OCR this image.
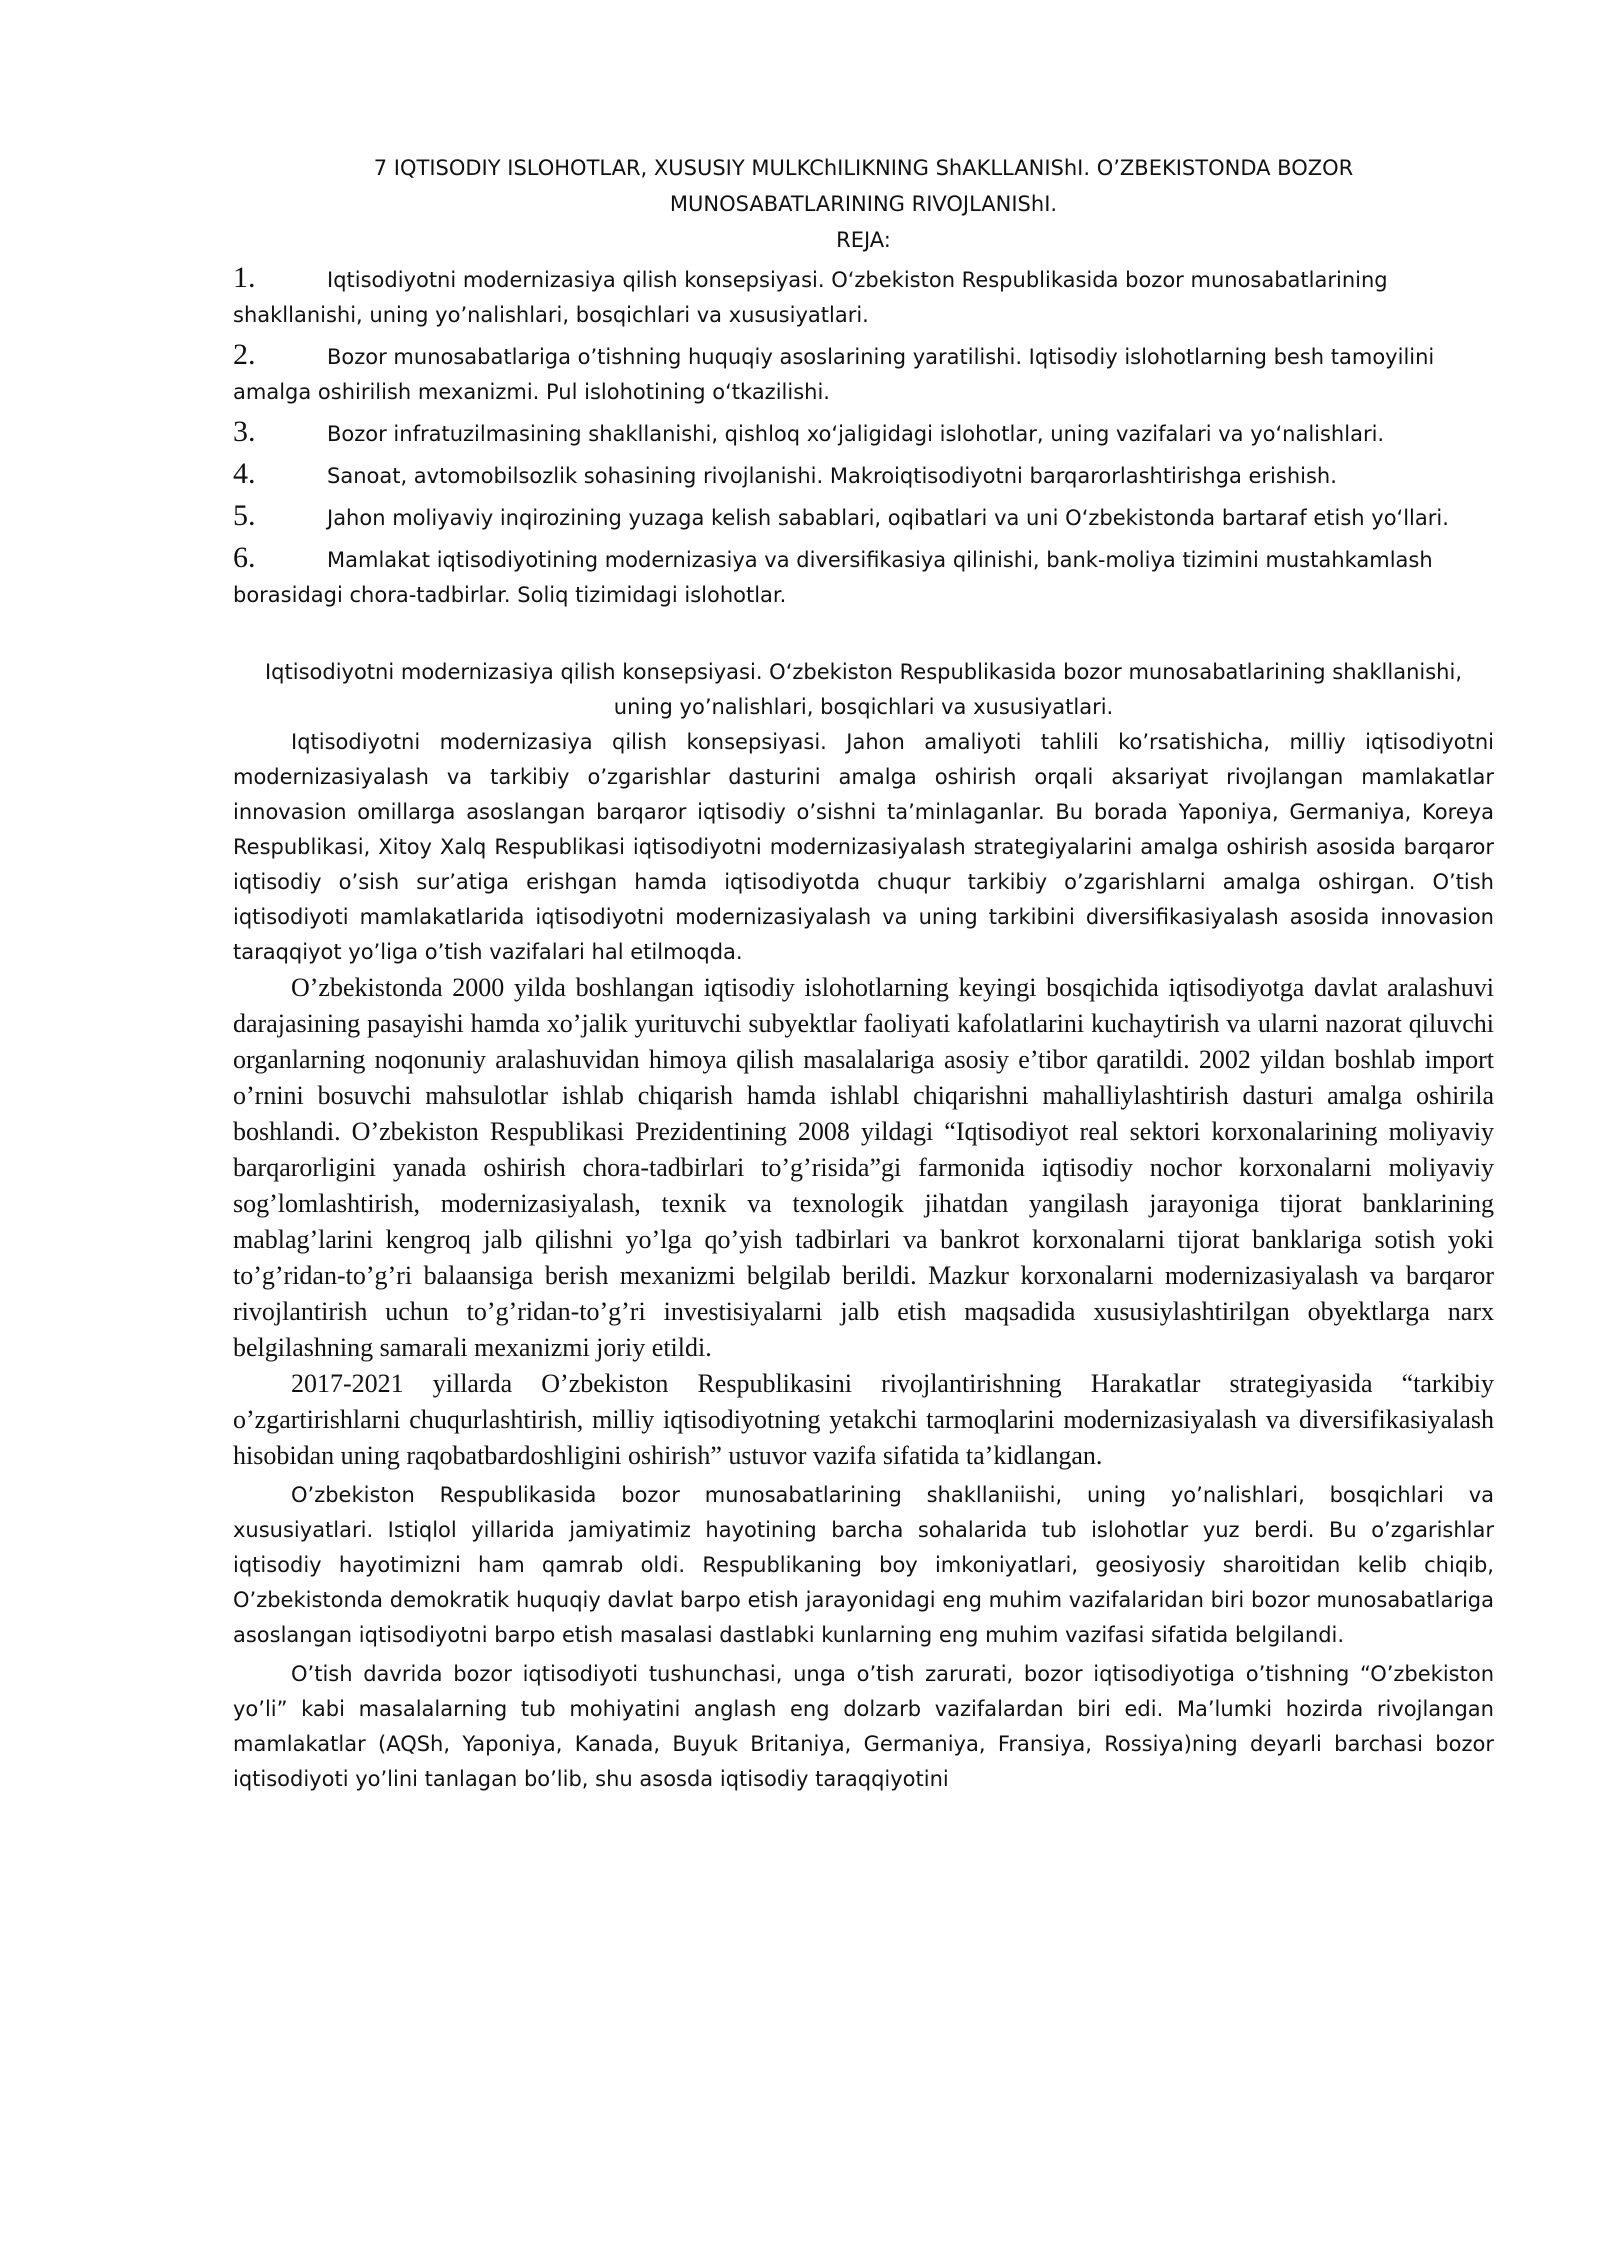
7 IQTISODIY ISLOHOTLAR, XUSUSIY MULKChILIKNING ShAKLLANIShI. O’ZBEKISTONDA BOZOR
MUNOSABATLARINING RIVOJLANIShI.
REJA:
1.	Iqtisodiyotni modernizasiya qilish konsepsiyasi. O‘zbekiston Respublikasida bozor munosabatlarining shakllanishi, uning yo’nalishlari, bosqichlari va xususiyatlari.
2.	Bozor munosabatlariga o’tishning huquqiy asoslarining yaratilishi. Iqtisodiy islohotlarning besh tamoyilini amalga oshirilish mexanizmi. Pul islohotining o‘tkazilishi.
3.	Bozor infratuzilmasining shakllanishi, qishloq xo‘jaligidagi islohotlar, uning vazifalari va yo‘nalishlari.
4.	Sanoat, avtomobilsozlik sohasining rivojlanishi. Makroiqtisodiyotni barqarorlashtirishga erishish.
5.	Jahon moliyaviy inqirozining yuzaga kelish sabablari, oqibatlari va uni O‘zbekistonda bartaraf etish yo‘llari.
6.	Mamlakat iqtisodiyotining modernizasiya va diversifikasiya qilinishi, bank-moliya tizimini mustahkamlash borasidagi chora-tadbirlar. Soliq tizimidagi islohotlar.
Iqtisodiyotni modernizasiya qilish konsepsiyasi. O‘zbekiston Respublikasida bozor munosabatlarining shakllanishi, uning yo’nalishlari, bosqichlari va xususiyatlari.

Iqtisodiyotni modernizasiya qilish konsepsiyasi. Jahon amaliyoti tahlili ko’rsatishicha, milliy iqtisodiyotni modernizasiyalash va tarkibiy o’zgarishlar dasturini amalga oshirish orqali aksariyat rivojlangan mamlakatlar innovasion omillarga asoslangan barqaror iqtisodiy o’sishni ta’minlaganlar. Bu borada Yaponiya, Germaniya, Koreya Respublikasi, Xitoy Xalq Respublikasi iqtisodiyotni modernizasiyalash strategiyalarini amalga oshirish asosida barqaror iqtisodiy o’sish sur’atiga erishgan hamda iqtisodiyotda chuqur tarkibiy o’zgarishlarni amalga oshirgan. O’tish iqtisodiyoti mamlakatlarida iqtisodiyotni modernizasiyalash va uning tarkibini diversifikasiyalash asosida innovasion taraqqiyot yo’liga o’tish vazifalari hal etilmoqda.

O’zbekistonda 2000 yilda boshlangan iqtisodiy islohotlarning keyingi bosqichida iqtisodiyotga davlat aralashuvi darajasining pasayishi hamda xo’jalik yurituvchi subyektlar faoliyati kafolatlarini kuchaytirish va ularni nazorat qiluvchi organlarning noqonuniy aralashuvidan himoya qilish masalalariga asosiy e’tibor qaratildi. 2002 yildan boshlab import o’rnini bosuvchi mahsulotlar ishlab chiqarish hamda ishlabl chiqarishni mahalliylashtirish dasturi amalga oshirila boshlandi. O’zbekiston Respublikasi Prezidentining 2008 yildagi “Iqtisodiyot real sektori korxonalarining moliyaviy barqarorligini yanada oshirish chora-tadbirlari to’g’risida”gi farmonida iqtisodiy nochor korxonalarni moliyaviy sog’lomlashtirish, modernizasiyalash, texnik va texnologik jihatdan yangilash jarayoniga tijorat banklarining mablag’larini kengroq jalb qilishni yo’lga qo’yish tadbirlari va bankrot korxonalarni tijorat banklariga sotish yoki to’g’ridan-to’g’ri balaansiga berish mexanizmi belgilab berildi. Mazkur korxonalarni modernizasiyalash va barqaror rivojlantirish uchun to’g’ridan-to’g’ri investisiyalarni jalb etish maqsadida xususiylashtirilgan obyektlarga narx belgilashning samarali mexanizmi joriy etildi.

2017-2021 yillarda O’zbekiston Respublikasini rivojlantirishning Harakatlar strategiyasida “tarkibiy o’zgartirishlarni chuqurlashtirish, milliy iqtisodiyotning yetakchi tarmoqlarini modernizasiyalash va diversifikasiyalash hisobidan uning raqobatbardoshligini oshirish” ustuvor vazifa sifatida ta’kidlangan.

O’zbekiston Respublikasida bozor munosabatlarining shakllaniishi, uning yo’nalishlari, bosqichlari va xususiyatlari. Istiqlol yillarida jamiyatimiz hayotining barcha sohalarida tub islohotlar yuz berdi. Bu o’zgarishlar iqtisodiy hayotimizni ham qamrab oldi. Respublikaning boy imkoniyatlari, geosiyosiy sharoitidan kelib chiqib, O’zbekistonda demokratik huquqiy davlat barpo etish jarayonidagi eng muhim vazifalaridan biri bozor munosabatlariga asoslangan iqtisodiyotni barpo etish masalasi dastlabki kunlarning eng muhim vazifasi sifatida belgilandi.

O’tish davrida bozor iqtisodiyoti tushunchasi, unga o’tish zarurati, bozor iqtisodiyotiga o’tishning “O’zbekiston yo’li” kabi masalalarning tub mohiyatini anglash eng dolzarb vazifalardan biri edi. Ma’lumki hozirda rivojlangan mamlakatlar (AQSh, Yaponiya, Kanada, Buyuk Britaniya, Germaniya, Fransiya, Rossiya)ning deyarli barchasi bozor iqtisodiyoti yo’lini tanlagan bo’lib, shu asosda iqtisodiy taraqqiyotini
